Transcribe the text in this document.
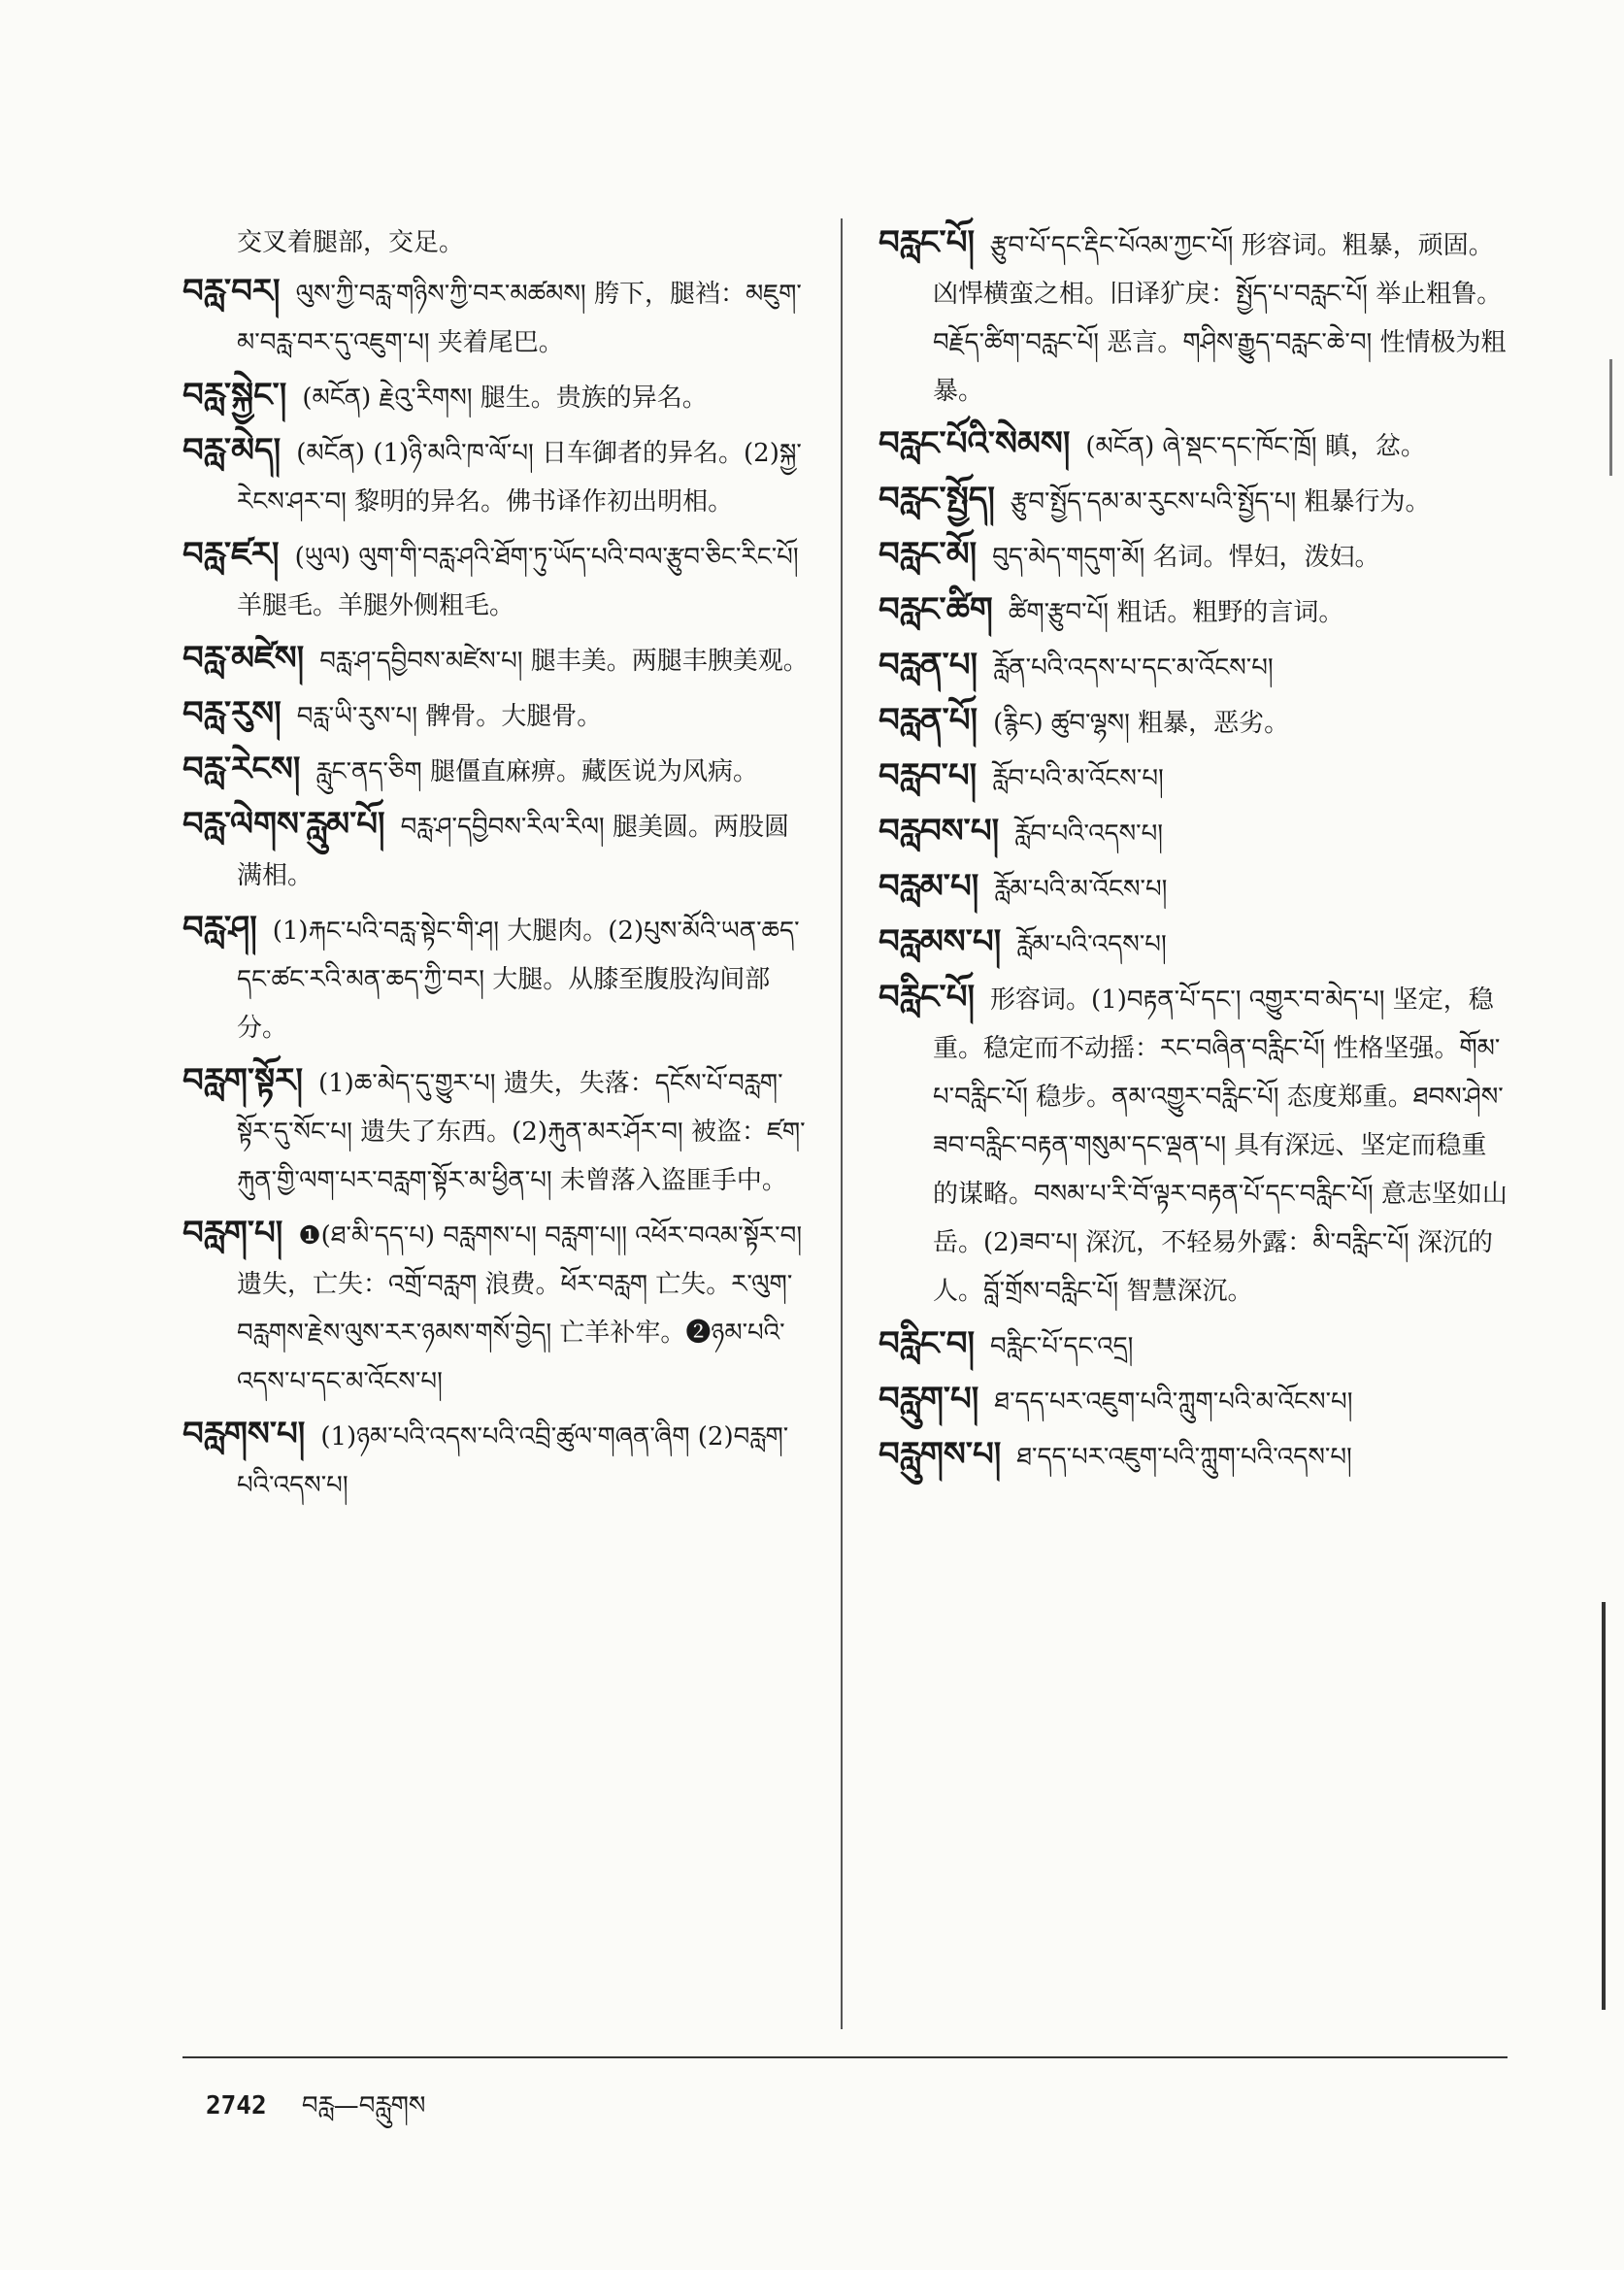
交叉着腿部，交足。
བརླ་བར། ལུས་ཀྱི་བརླ་གཉིས་ཀྱི་བར་མཚམས། 胯下，腿裆：མཇུག་མ་བརླ་བར་དུ་འཇུག་པ། 夹着尾巴。
བརླ་སྐྱེང་། (མངོན) རྗེའུ་རིགས། 腿生。贵族的异名。
བརླ་མེད། (མངོན) (1)ཉི་མའི་ཁ་ལོ་པ། 日车御者的异名。(2)སྐྱ་རེངས་ཤར་བ། 黎明的异名。佛书译作初出明相。
བརླ་ཛར། (ཡུལ) ལུག་གི་བརླ་ཤའི་ཐོག་ཏུ་ཡོད་པའི་བལ་རྩུབ་ཅིང་རིང་པོ། 羊腿毛。羊腿外侧粗毛。
བརླ་མཛེས། བརླ་ཤ་དབྱིབས་མཛེས་པ། 腿丰美。两腿丰腴美观。
བརླ་རུས། བརླ་ཡི་རུས་པ། 髀骨。大腿骨。
བརླ་རེངས། རླུང་ནད་ཅིག 腿僵直麻痹。藏医说为风病。
བརླ་ལེགས་རླུམ་པོ། བརླ་ཤ་དབྱིབས་རིལ་རིལ། 腿美圆。两股圆满相。
བརླ་ཤ། (1)རྐང་པའི་བརླ་སྟེང་གི་ཤ། 大腿肉。(2)པུས་མོའི་ཡན་ཆད་དང་ཚང་རའི་མན་ཆད་ཀྱི་བར། 大腿。从膝至腹股沟间部分。
བརླག་སྟོར། (1)ཆ་མེད་དུ་གྱུར་པ། 遗失，失落：དངོས་པོ་བརླག་སྟོར་དུ་སོང་པ། 遗失了东西。(2)རྐུན་མར་ཤོར་བ། 被盗：ཛག་རྐུན་གྱི་ལག་པར་བརླག་སྟོར་མ་ཕྱིན་པ། 未曾落入盗匪手中。
བརླག་པ། ❶(ཐ་མི་དད་པ) བརླགས་པ། བརླག་པ།། འཕོར་བའམ་སྟོར་བ། 遗失，亡失：འགྲོ་བརླག 浪费。ཕོར་བརླག 亡失。ར་ལུག་བརླགས་རྗེས་ལུས་རར་ཉམས་གསོ་བྱེད། 亡羊补牢。❷ཉམ་པའི་འདས་པ་དང་མ་འོངས་པ།
བརླགས་པ། (1)ཉམ་པའི་འདས་པའི་འབྲི་ཚུལ་གཞན་ཞིག (2)བརླག་པའི་འདས་པ།
བརླང་པོ། རྩུབ་པོ་དང་རྡིང་པོའམ་ཀྱང་པོ། 形容词。粗暴，顽固。凶悍横蛮之相。旧译犷戾：སྤྱོད་པ་བརླང་པོ། 举止粗鲁。བརྗོད་ཚིག་བརླང་པོ། 恶言。གཤིས་རྒྱུད་བརླང་ཆེ་བ། 性情极为粗暴。
བརླང་པོའི་སེམས། (མངོན) ཞེ་སྡང་དང་ཁོང་ཁྲོ། 瞋，忿。
བརླང་སྤྱོད། རྩུབ་སྤྱོད་དམ་མ་རུངས་པའི་སྤྱོད་པ། 粗暴行为。
བརླང་མོ། བུད་མེད་གདུག་མོ། 名词。悍妇，泼妇。
བརླང་ཚིག ཚིག་རྩུབ་པོ། 粗话。粗野的言词。
བརླན་པ། རློན་པའི་འདས་པ་དང་མ་འོངས་པ།
བརླན་པོ། (རྙིང) ཚུབ་ལྷས། 粗暴，恶劣。
བརླབ་པ། རློབ་པའི་མ་འོངས་པ།
བརླབས་པ། རློབ་པའི་འདས་པ།
བརླམ་པ། རློམ་པའི་མ་འོངས་པ།
བརླམས་པ། རློམ་པའི་འདས་པ།
བརླིང་པོ། 形容词。(1)བརྟན་པོ་དང་། འགྱུར་བ་མེད་པ། 坚定，稳重。稳定而不动摇：རང་བཞིན་བརླིང་པོ། 性格坚强。གོམ་པ་བརླིང་པོ། 稳步。ནམ་འགྱུར་བརླིང་པོ། 态度郑重。ཐབས་ཤེས་ཟབ་བརླིང་བརྟན་གསུམ་དང་ལྡན་པ། 具有深远、坚定而稳重的谋略。བསམ་པ་རི་བོ་ལྟར་བརྟན་པོ་དང་བརླིང་པོ། 意志坚如山岳。(2)ཟབ་པ། 深沉，不轻易外露：མི་བརླིང་པོ། 深沉的人。བློ་གྲོས་བརླིང་པོ། 智慧深沉。
བརླིང་བ། བརླིང་པོ་དང་འདྲ།
བརླུག་པ། ཐ་དད་པར་འཇུག་པའི་ཀླུག་པའི་མ་འོངས་པ།
བརླུགས་པ། ཐ་དད་པར་འཇུག་པའི་ཀླུག་པའི་འདས་པ།
2742 བརླ—བརླུགས
